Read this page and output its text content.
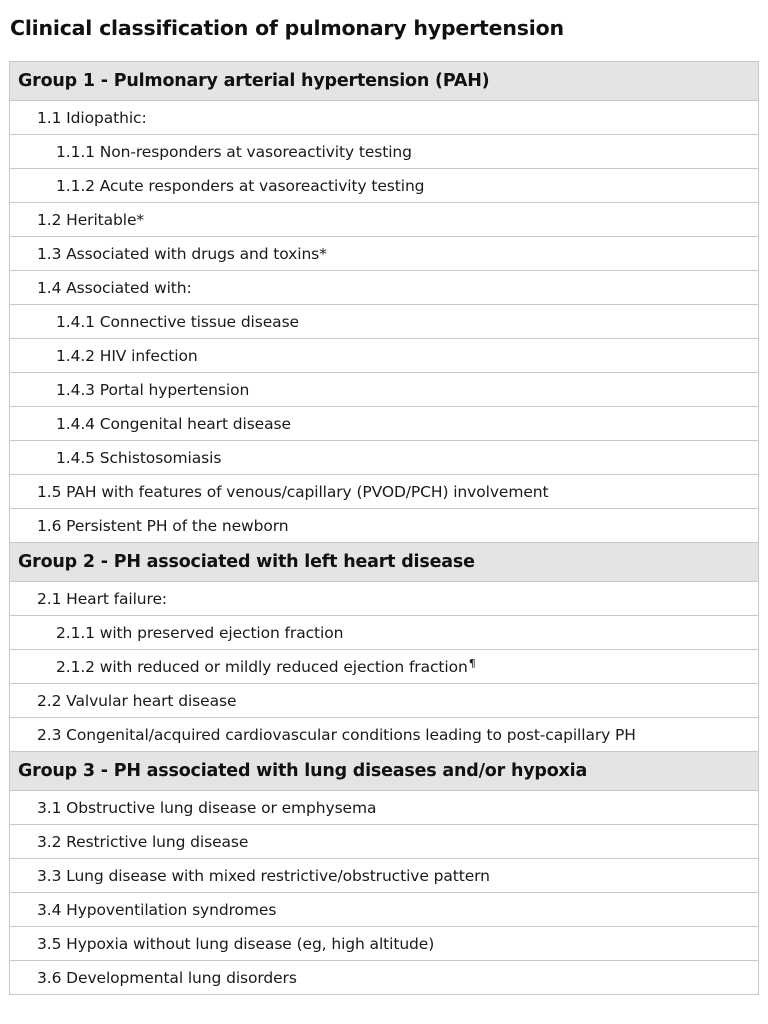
Clinical classification of pulmonary hypertension
Group 1 - Pulmonary arterial hypertension (PAH)
1.1 Idiopathic:
1.1.1 Non-responders at vasoreactivity testing
1.1.2 Acute responders at vasoreactivity testing
1.2 Heritable*
1.3 Associated with drugs and toxins*
1.4 Associated with:
1.4.1 Connective tissue disease
1.4.2 HIV infection
1.4.3 Portal hypertension
1.4.4 Congenital heart disease
1.4.5 Schistosomiasis
1.5 PAH with features of venous/capillary (PVOD/PCH) involvement
1.6 Persistent PH of the newborn
Group 2 - PH associated with left heart disease
2.1 Heart failure:
2.1.1 with preserved ejection fraction
2.1.2 with reduced or mildly reduced ejection fraction¶
2.2 Valvular heart disease
2.3 Congenital/acquired cardiovascular conditions leading to post-capillary PH
Group 3 - PH associated with lung diseases and/or hypoxia
3.1 Obstructive lung disease or emphysema
3.2 Restrictive lung disease
3.3 Lung disease with mixed restrictive/obstructive pattern
3.4 Hypoventilation syndromes
3.5 Hypoxia without lung disease (eg, high altitude)
3.6 Developmental lung disorders
